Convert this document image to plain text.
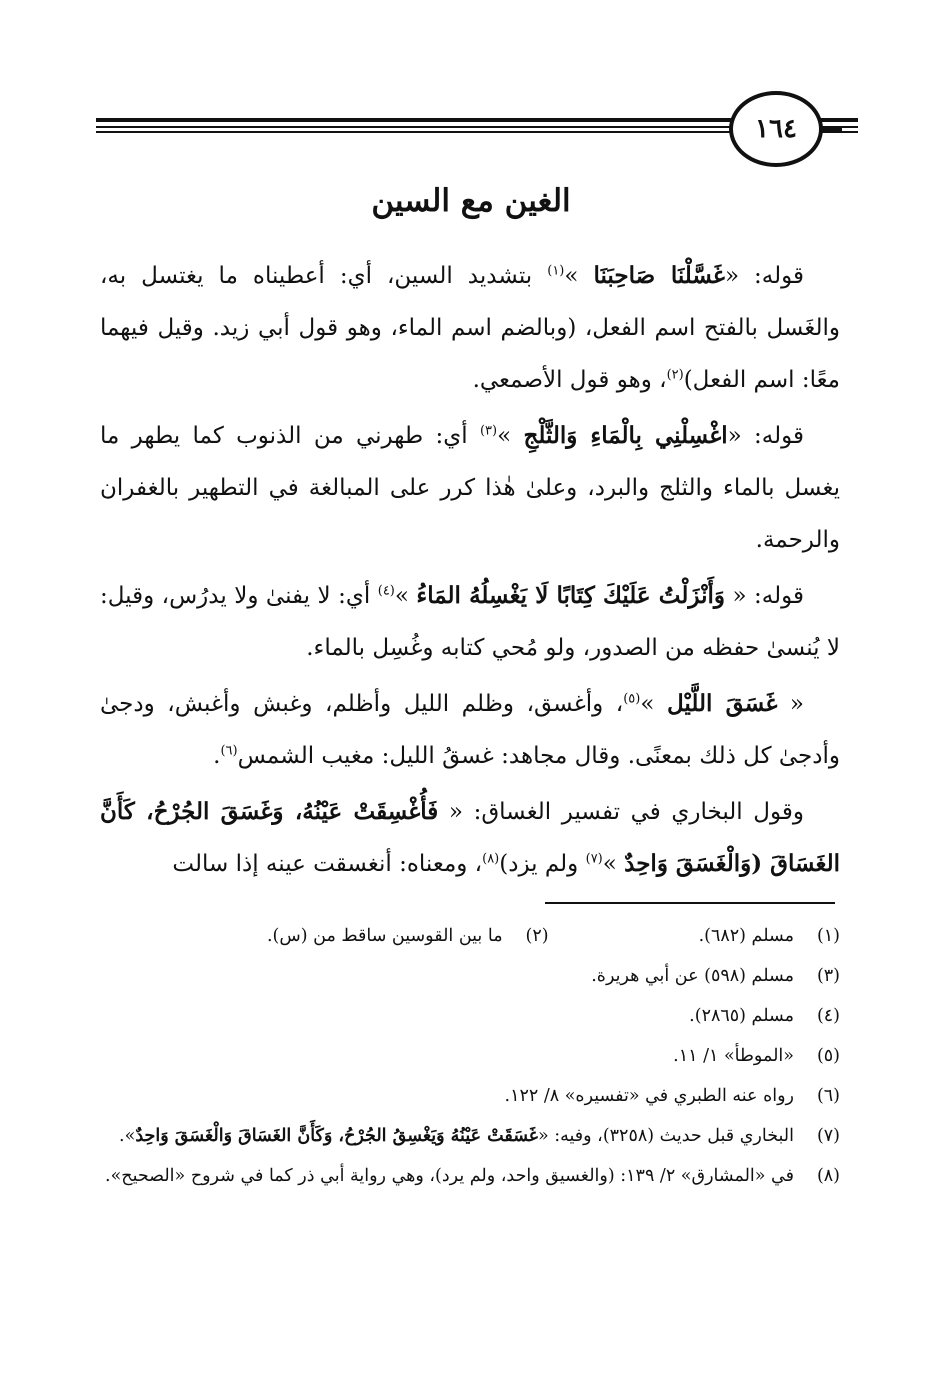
١٦٤
الغين مع السين

قوله: «غَسَّلْنَا صَاحِبَنَا »$^{(١)}$ بتشديد السين، أي: أعطيناه ما يغتسل به، والغَسل بالفتح اسم الفعل، (وبالضم اسم الماء، وهو قول أبي زيد. وقيل فيهما معًا: اسم الفعل)$^{(٢)}$، وهو قول الأصمعي.

قوله: «اغْسِلْنِي بِالْمَاءِ وَالثَّلْجِ »$^{(٣)}$ أي: طهرني من الذنوب كما يطهر ما يغسل بالماء والثلج والبرد، وعلىٰ هٰذا كرر على المبالغة في التطهير بالغفران والرحمة.

قوله: « وَأَنْزَلْتُ عَلَيْكَ كِتَابًا لَا يَغْسِلُهُ المَاءُ »$^{(٤)}$ أي: لا يفنىٰ ولا يدرُس، وقيل: لا يُنسىٰ حفظه من الصدور، ولو مُحي كتابه وغُسِل بالماء.

« غَسَقَ اللَّيْل »$^{(٥)}$، وأغسق، وظلم الليل وأظلم، وغبش وأغبش، ودجىٰ وأدجىٰ كل ذلك بمعنًى. وقال مجاهد: غسقُ الليل: مغيب الشمس$^{(٦)}$.

وقول البخاري في تفسير الغساق: « فَأُغْسِقَتْ عَيْنُهُ، وَغَسَقَ الجُرْحُ، كَأَنَّ الغَسَاقَ (وَالْغَسَقَ وَاحِدٌ »$^{(٧)}$ ولم يزد)$^{(٨)}$، ومعناه: أنغسقت عينه إذا سالت

(١)مسلم (٦٨٢).
(٢)ما بين القوسين ساقط من (س).
(٣)مسلم (٥٩٨) عن أبي هريرة.
(٤)مسلم (٢٨٦٥).
(٥)«الموطأ» ١/ ١١.
(٦)رواه عنه الطبري في «تفسيره» ٨/ ١٢٢.
(٧)البخاري قبل حديث (٣٢٥٨)، وفيه: «غَسَقَتْ عَيْنُهُ وَيَغْسِقُ الجُرْحُ، وَكَأَنَّ الغَسَاقَ وَالْغَسَقَ وَاحِدٌ».
(٨)في «المشارق» ٢/ ١٣٩: (والغسيق واحد، ولم يرد)، وهي رواية أبي ذر كما في شروح «الصحيح».
